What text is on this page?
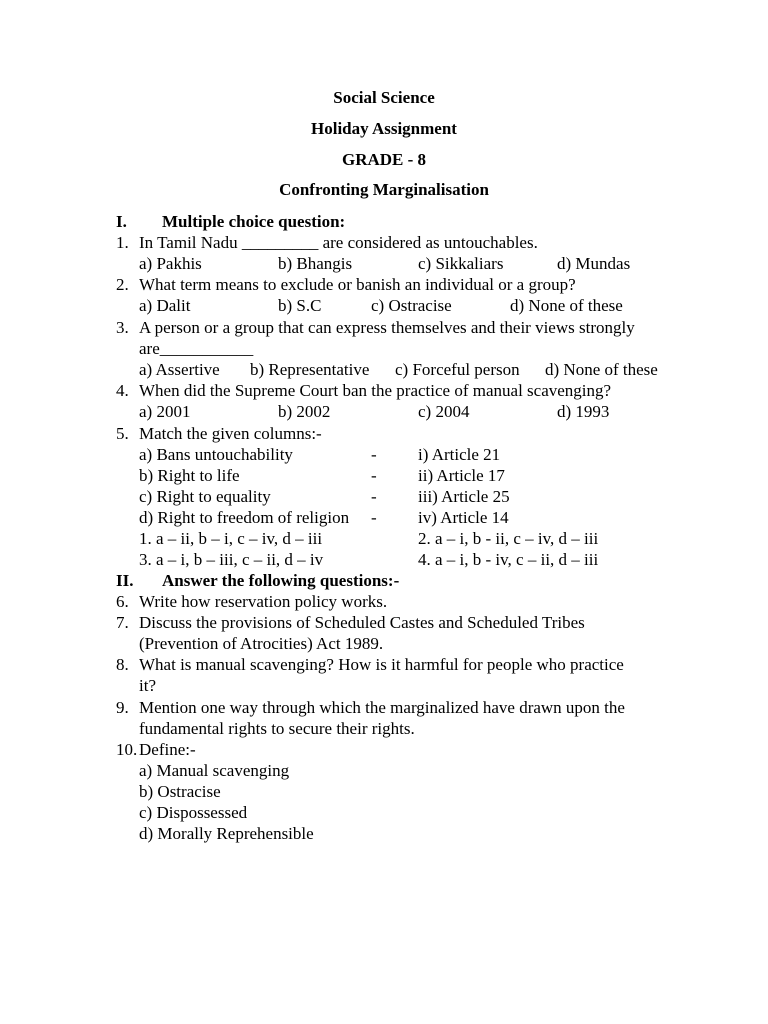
Social Science
Holiday Assignment
GRADE - 8
Confronting Marginalisation
I. Multiple choice question:
1. In Tamil Nadu _________ are considered as untouchables.
a) Pakhis	b) Bhangis	c) Sikkaliars	d) Mundas
2. What term means to exclude or banish an individual or a group?
a) Dalit	b) S.C	c) Ostracise	d) None of these
3. A person or a group that can express themselves and their views strongly
are___________
a) Assertive b) Representative c) Forceful person d) None of these
4. When did the Supreme Court ban the practice of manual scavenging?
a) 2001	b) 2002	c) 2004	d) 1993
5. Match the given columns:-
a) Bans untouchability	- i) Article 21
b) Right to life	- ii) Article 17
c) Right to equality	- iii) Article 25
d) Right to freedom of religion - iv) Article 14
1. a – ii, b – i, c – iv, d – iii	2. a – i, b - ii, c – iv, d – iii
3. a – i, b – iii, c – ii, d – iv	4. a – i, b - iv, c – ii, d – iii
II. Answer the following questions:-
6. Write how reservation policy works.
7. Discuss the provisions of Scheduled Castes and Scheduled Tribes
(Prevention of Atrocities) Act 1989.
8. What is manual scavenging? How is it harmful for people who practice
it?
9. Mention one way through which the marginalized have drawn upon the
fundamental rights to secure their rights.
10. Define:-
a) Manual scavenging
b) Ostracise
c) Dispossessed
d) Morally Reprehensible
